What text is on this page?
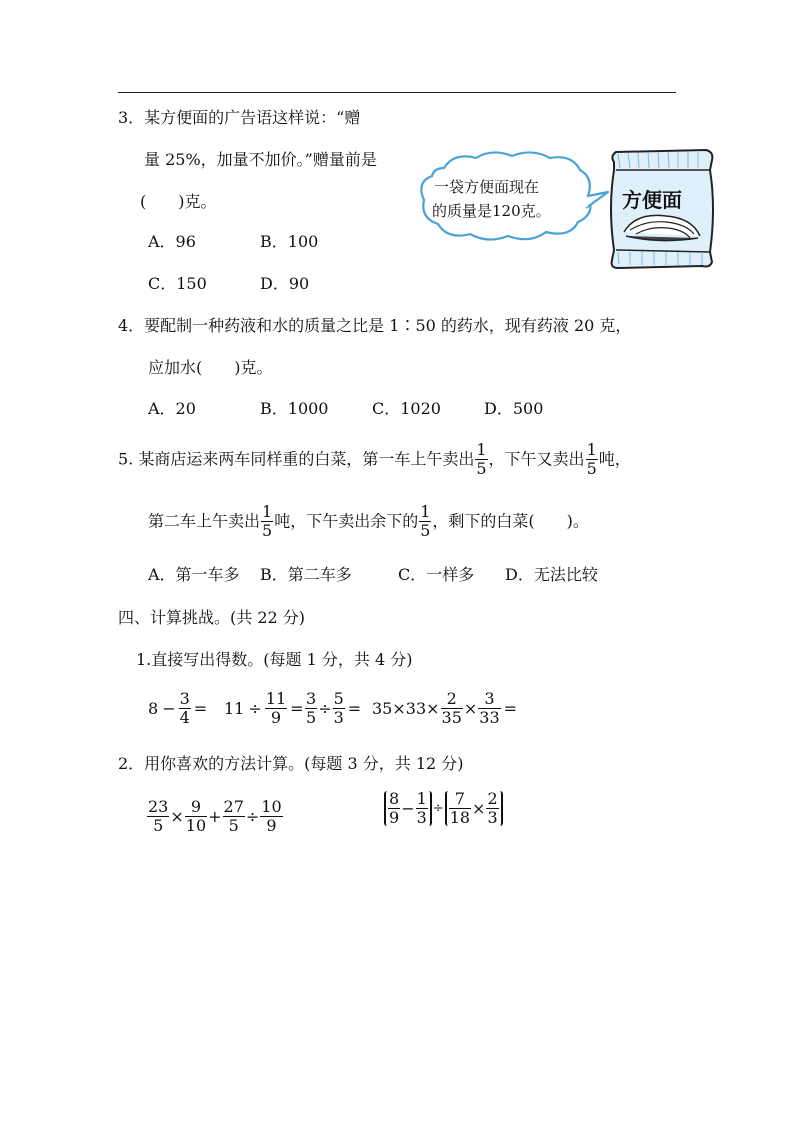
3．某方便面的广告语这样说：“赠
量 25%，加量不加价。”赠量前是
(　　)克。
A．96	B．100
C．150	D．90
一袋方便面现在
的质量是120克。	方便面
4．要配制一种药液和水的质量之比是 1∶50 的药水，现有药液 20 克，
应加水(　　)克。
A．20	B．1000	C．1020	D．500
5. 某商店运来两车同样重的白菜，第一车上午卖出 $\frac{1}{5}$ ，下午又卖出 $\frac{1}{5}$ 吨，
第二车上午卖出 $\frac{1}{5}$ 吨，下午卖出余下的 $\frac{1}{5}$ ，剩下的白菜(　　)。
A．第一车多 B．第二车多	C．一样多 D．无法比较
四、计算挑战。(共 22 分)
1.直接写出得数。(每题 1 分，共 4 分)
$8 - \frac{3}{4} = 11 \div \frac{11}{9} = \frac{3}{5} \div \frac{5}{3} = 35\times 33\times \frac{2}{35} \times \frac{3}{33}$ =
2．用你喜欢的方法计算。(每题 3 分，共 12 分)
$\frac{23}{5} \times \frac{9}{10} + \frac{27}{5} \div \frac{10}{9}$	$\frac{8}{9} - \frac{1}{3} \div \frac{7}{18} \times \frac{2}{3}$
